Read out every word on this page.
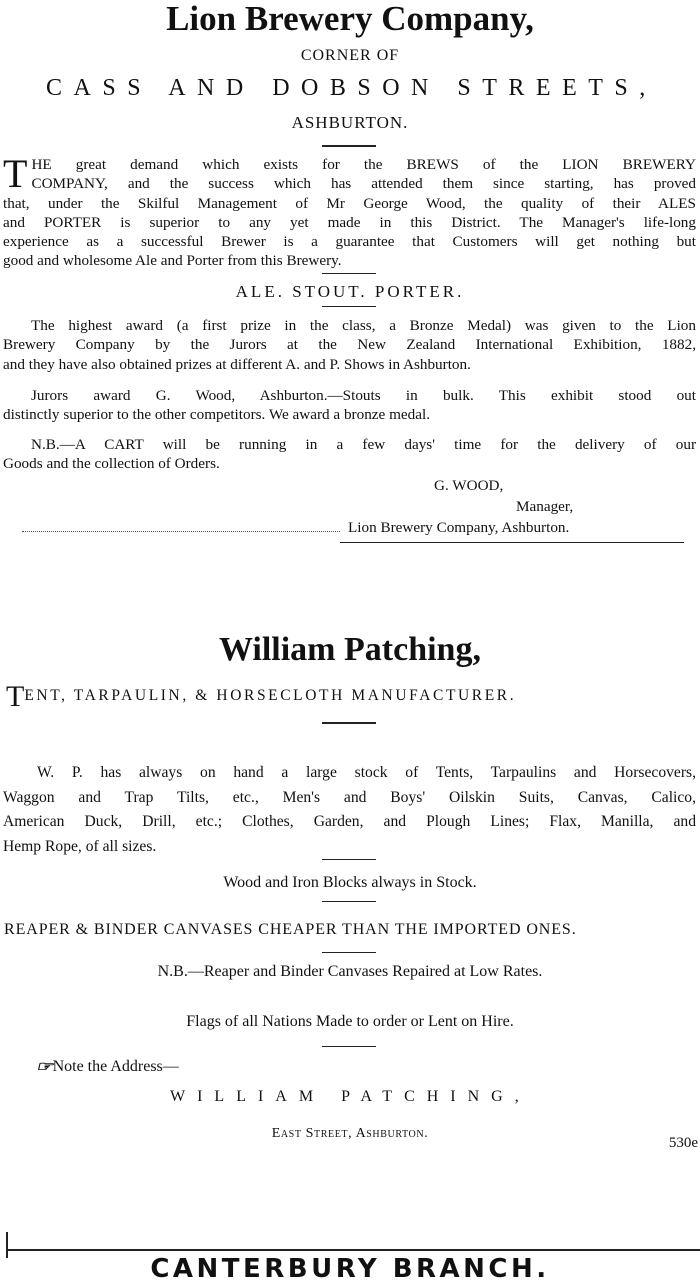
Lion Brewery Company,
CORNER OF
CASS AND DOBSON STREETS,
ASHBURTON.
T HE great demand which exists for the BREWS of the LION BREWERY
COMPANY, and the success which has attended them since starting, has proved
that, under the Skilful Management of Mr George Wood, the quality of their ALES
and PORTER is superior to any yet made in this District. The Manager's life-long
experience as a successful Brewer is a guarantee that Customers will get nothing but
good and wholesome Ale and Porter from this Brewery.
ALE. STOUT. PORTER.
The highest award (a first prize in the class, a Bronze Medal) was given to the Lion
Brewery Company by the Jurors at the New Zealand International Exhibition, 1882,
and they have also obtained prizes at different A. and P. Shows in Ashburton.
Jurors award G. Wood, Ashburton.—Stouts in bulk. This exhibit stood out
distinctly superior to the other competitors. We award a bronze medal.
N.B.—A CART will be running in a few days' time for the delivery of our
Goods and the collection of Orders.
G. WOOD,
Manager,
Lion Brewery Company, Ashburton.
William Patching,
TENT, TARPAULIN, & HORSECLOTH MANUFACTURER.
W. P. has always on hand a large stock of Tents, Tarpaulins and Horsecovers,
Waggon and Trap Tilts, etc., Men's and Boys' Oilskin Suits, Canvas, Calico,
American Duck, Drill, etc.; Clothes, Garden, and Plough Lines; Flax, Manilla, and
Hemp Rope, of all sizes.
Wood and Iron Blocks always in Stock.
REAPER & BINDER CANVASES CHEAPER THAN THE IMPORTED ONES.
N.B.—Reaper and Binder Canvases Repaired at Low Rates.
Flags of all Nations Made to order or Lent on Hire.
☞Note the Address—
WILLIAM PATCHING,
East Street, Ashburton.
530e
CANTERBURY BRANCH.
